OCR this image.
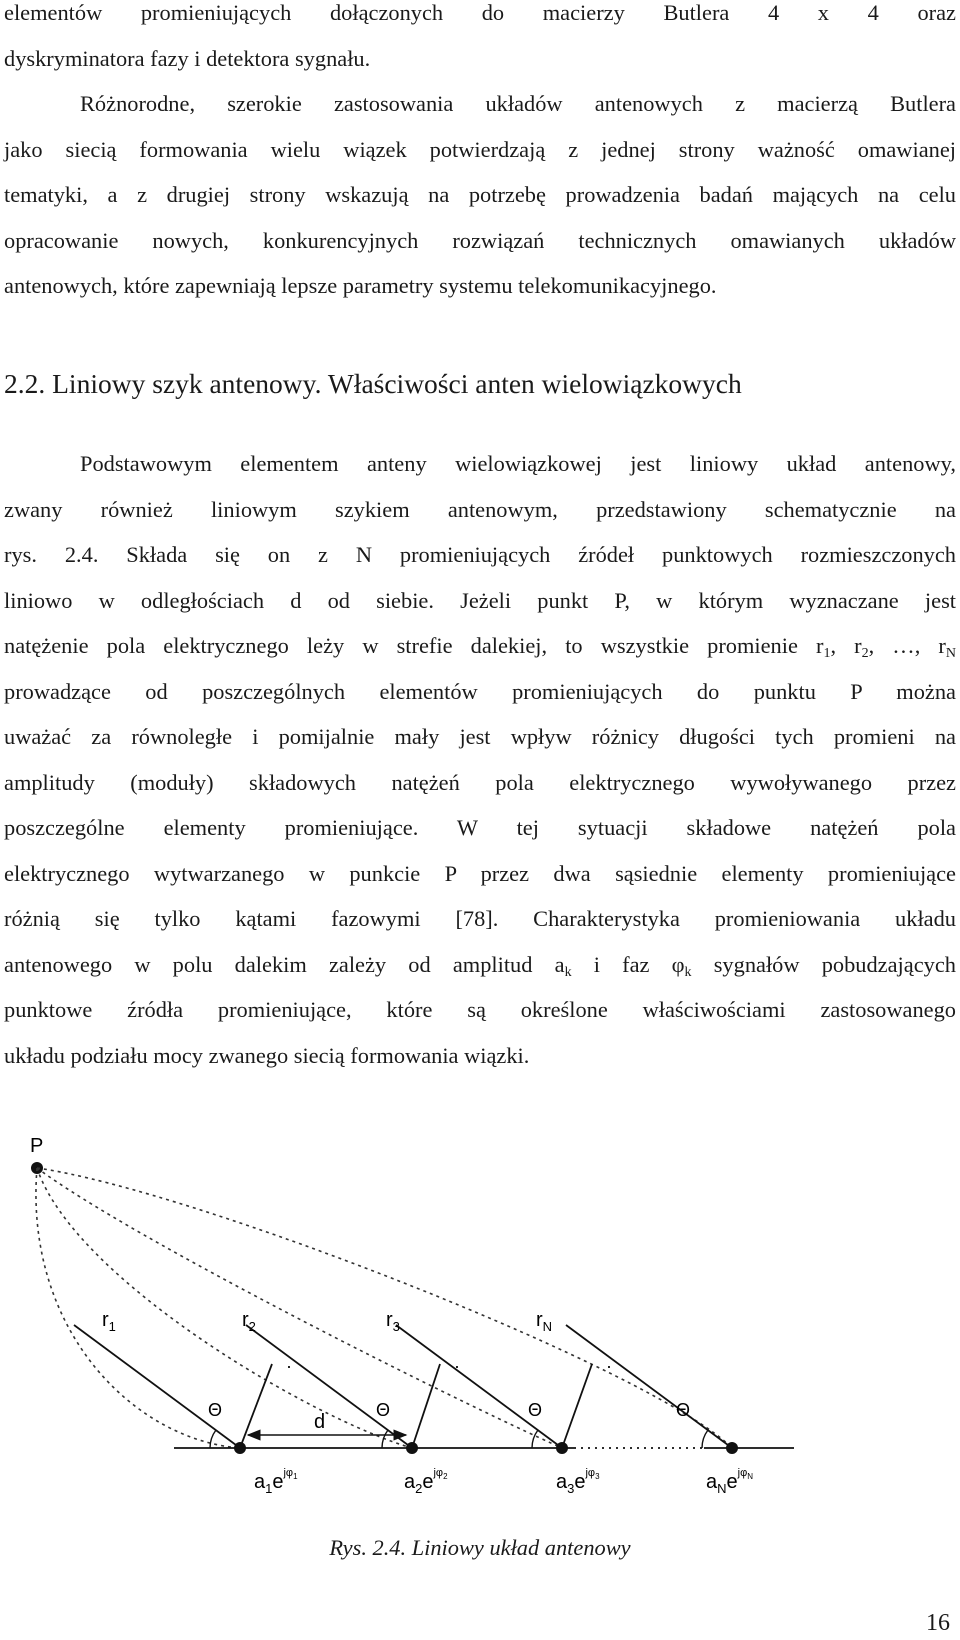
elementów promieniujących dołączonych do macierzy Butlera 4 x 4 oraz
dyskryminatora fazy i detektora sygnału.

Różnorodne, szerokie zastosowania układów antenowych z macierzą Butlera
jako siecią formowania wielu wiązek potwierdzają z jednej strony ważność omawianej
tematyki, a z drugiej strony wskazują na potrzebę prowadzenia badań mających na celu
opracowanie nowych, konkurencyjnych rozwiązań technicznych omawianych układów
antenowych, które zapewniają lepsze parametry systemu telekomunikacyjnego.

2.2. Liniowy szyk antenowy. Właściwości anten wielowiązkowych

Podstawowym elementem anteny wielowiązkowej jest liniowy układ antenowy,
zwany również liniowym szykiem antenowym, przedstawiony schematycznie na
rys. 2.4. Składa się on z N promieniujących źródeł punktowych rozmieszczonych
liniowo w odległościach d od siebie. Jeżeli punkt P, w którym wyznaczane jest
natężenie pola elektrycznego leży w strefie dalekiej, to wszystkie promienie $r_1$, $r_2$, …, $r_N$
prowadzące od poszczególnych elementów promieniujących do punktu P można
uważać za równoległe i pomijalnie mały jest wpływ różnicy długości tych promieni na
amplitudy (moduły) składowych natężeń pola elektrycznego wywoływanego przez
poszczególne elementy promieniujące. W tej sytuacji składowe natężeń pola
elektrycznego wytwarzanego w punkcie P przez dwa sąsiednie elementy promieniujące
różnią się tylko kątami fazowymi [78]. Charakterystyka promieniowania układu
antenowego w polu dalekim zależy od amplitud $a_k$ i faz $\varphi_k$ sygnałów pobudzających
punktowe źródła promieniujące, które są określone właściwościami zastosowanego
układu podziału mocy zwanego siecią formowania wiązki.

P
·	·	·
d
Θ	Θ	Θ	Θ
$r_1$	$r_2$	$r_3$	$r_N$
$a_1e^{j\varphi}1$	$a_2e^{j\varphi}2$	$a_3e^{j\varphi}3$	$a_Ne^{j\varphi}N$

Rys. 2.4. Liniowy układ antenowy

16
